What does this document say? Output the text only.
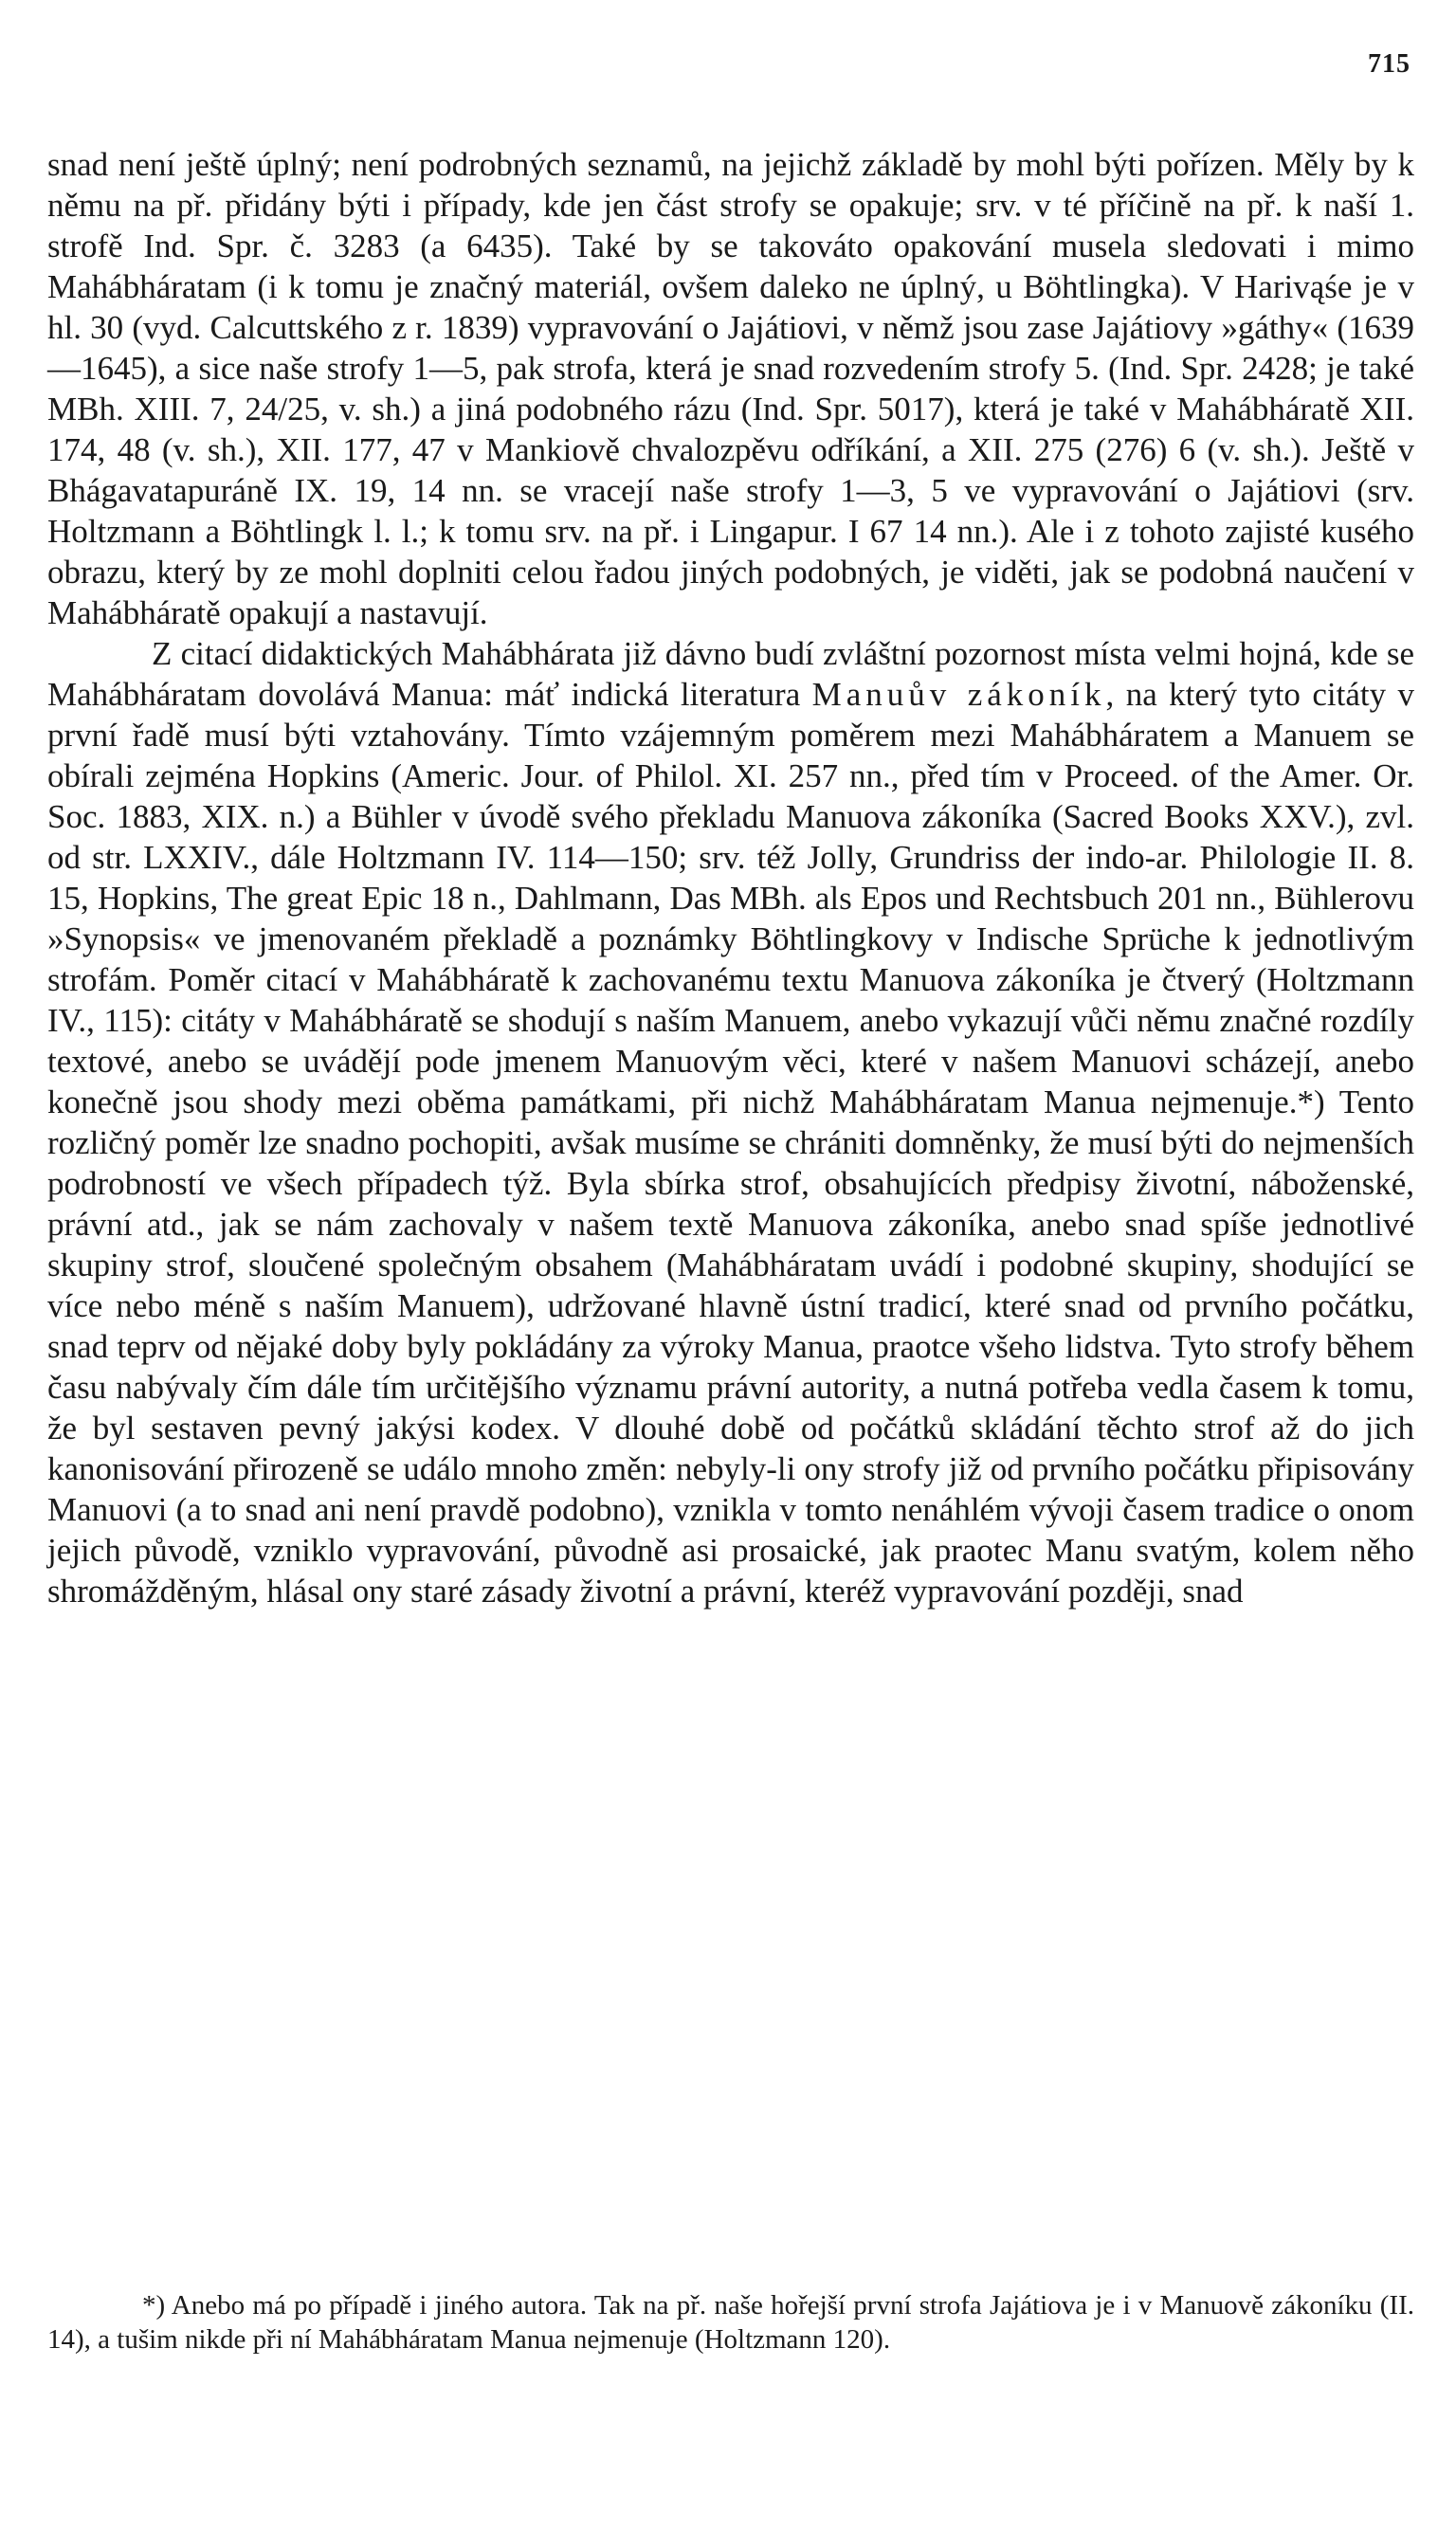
715

snad není ještě úplný; není podrobných seznamů, na jejichž základě by mohl býti pořízen. Měly by k němu na př. přidány býti i případy, kde jen část strofy se opakuje; srv. v té příčině na př. k naší 1. strofě Ind. Spr. č. 3283 (a 6435). Také by se takováto opakování musela sledovati i mimo Mahábháratam (i k tomu je značný materiál, ovšem daleko ne úplný, u Böhtlingka). V Harivąśe je v hl. 30 (vyd. Calcuttského z r. 1839) vypravování o Jajátiovi, v němž jsou zase Jajátiovy »gáthy« (1639—1645), a sice naše strofy 1—5, pak strofa, která je snad rozvedením strofy 5. (Ind. Spr. 2428; je také MBh. XIII. 7, 24/25, v. sh.) a jiná podobného rázu (Ind. Spr. 5017), která je také v Mahábháratě XII. 174, 48 (v. sh.), XII. 177, 47 v Mankiově chvalozpěvu odříkání, a XII. 275 (276) 6 (v. sh.). Ještě v Bhágavatapuráně IX. 19, 14 nn. se vracejí naše strofy 1—3, 5 ve vypravování o Jajátiovi (srv. Holtzmann a Böhtlingk l. l.; k tomu srv. na př. i Lingapur. I 67 14 nn.). Ale i z tohoto zajisté kusého obrazu, který by ze mohl doplniti celou řadou jiných podobných, je viděti, jak se podobná naučení v Mahábháratě opakují a nastavují.

Z citací didaktických Mahábhárata již dávno budí zvláštní pozornost místa velmi hojná, kde se Mahábháratam dovolává Manua: máť indická literatura Manuův zákoník, na který tyto citáty v první řadě musí býti vztahovány. Tímto vzájemným poměrem mezi Mahábháratem a Manuem se obírali zejména Hopkins (Americ. Jour. of Philol. XI. 257 nn., před tím v Proceed. of the Amer. Or. Soc. 1883, XIX. n.) a Bühler v úvodě svého překladu Manuova zákoníka (Sacred Books XXV.), zvl. od str. LXXIV., dále Holtzmann IV. 114—150; srv. též Jolly, Grundriss der indo-ar. Philologie II. 8. 15, Hopkins, The great Epic 18 n., Dahlmann, Das MBh. als Epos und Rechtsbuch 201 nn., Bühlerovu »Synopsis« ve jmenovaném překladě a poznámky Böhtlingkovy v Indische Sprüche k jednotlivým strofám. Poměr citací v Mahábháratě k zachovanému textu Manuova zákoníka je čtverý (Holtzmann IV., 115): citáty v Mahábháratě se shodují s naším Manuem, anebo vykazují vůči němu značné rozdíly textové, anebo se uvádějí pode jmenem Manuovým věci, které v našem Manuovi scházejí, anebo konečně jsou shody mezi oběma památkami, při nichž Mahábháratam Manua nejmenuje.*) Tento rozličný poměr lze snadno pochopiti, avšak musíme se chrániti domněnky, že musí býti do nejmenších podrobností ve všech případech týž. Byla sbírka strof, obsahujících předpisy životní, náboženské, právní atd., jak se nám zachovaly v našem textě Manuova zákoníka, anebo snad spíše jednotlivé skupiny strof, sloučené společným obsahem (Mahábháratam uvádí i podobné skupiny, shodující se více nebo méně s naším Manuem), udržované hlavně ústní tradicí, které snad od prvního počátku, snad teprv od nějaké doby byly pokládány za výroky Manua, praotce všeho lidstva. Tyto strofy během času nabývaly čím dále tím určitějšího významu právní autority, a nutná potřeba vedla časem k tomu, že byl sestaven pevný jakýsi kodex. V dlouhé době od počátků skládání těchto strof až do jich kanonisování přirozeně se událo mnoho změn: nebyly-li ony strofy již od prvního počátku připisovány Manuovi (a to snad ani není pravdě podobno), vznikla v tomto nenáhlém vývoji časem tradice o onom jejich původě, vzniklo vypravování, původně asi prosaické, jak praotec Manu svatým, kolem něho shromážděným, hlásal ony staré zásady životní a právní, kteréž vypravování později, snad

*) Anebo má po případě i jiného autora. Tak na př. naše hořejší první strofa Jajátiova je i v Manuově zákoníku (II. 14), a tušim nikde při ní Mahábháratam Manua nejmenuje (Holtzmann 120).
